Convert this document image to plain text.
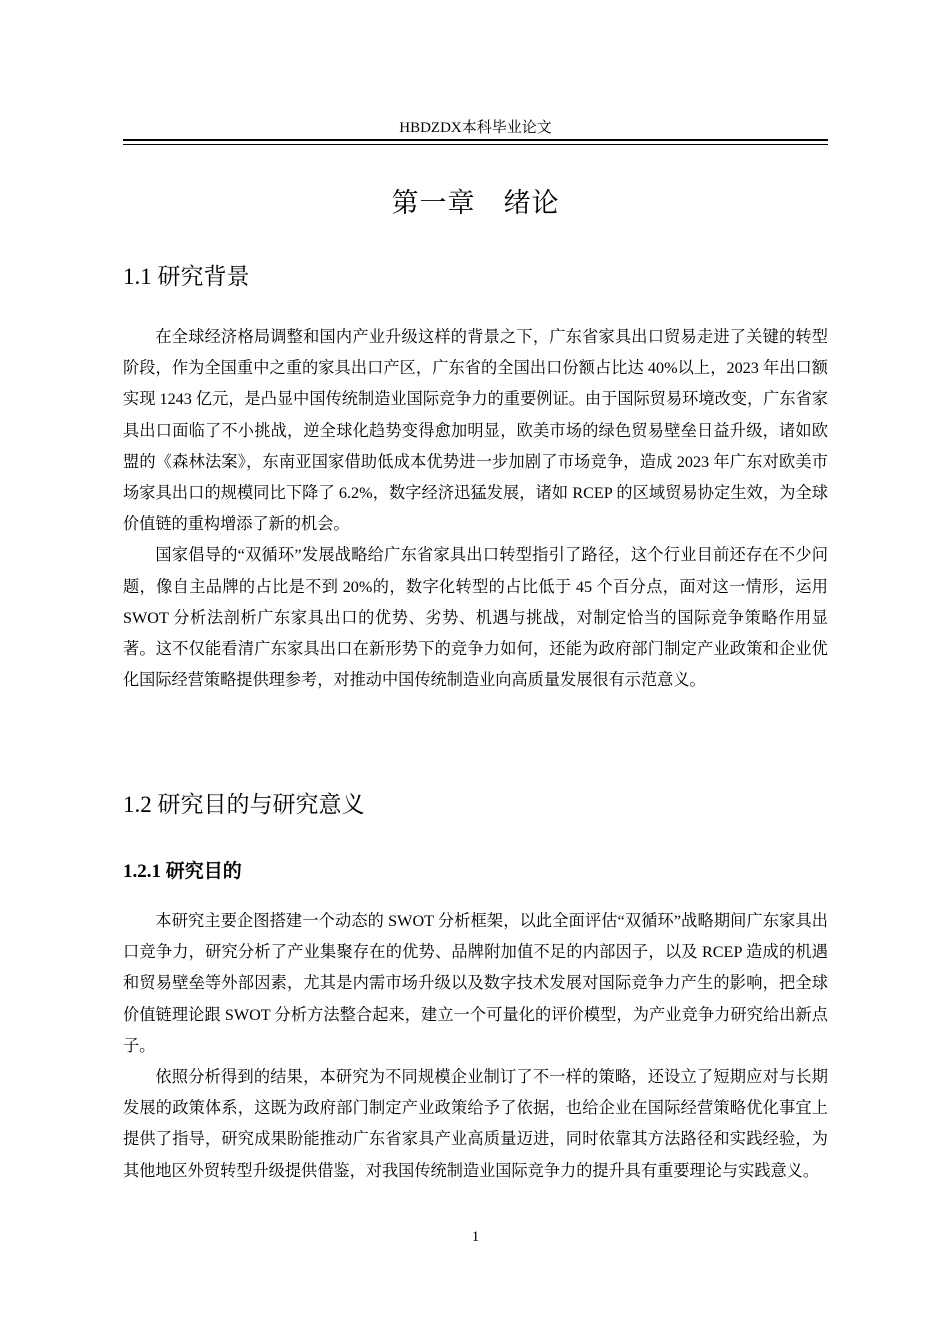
HBDZDX本科毕业论文
第一章　绪论
1.1 研究背景

在全球经济格局调整和国内产业升级这样的背景之下，广东省家具出口贸易走进了关键的转型阶段，作为全国重中之重的家具出口产区，广东省的全国出口份额占比达 40%以上，2023 年出口额实现 1243 亿元，是凸显中国传统制造业国际竞争力的重要例证。由于国际贸易环境改变，广东省家具出口面临了不小挑战，逆全球化趋势变得愈加明显，欧美市场的绿色贸易壁垒日益升级，诸如欧盟的《森林法案》，东南亚国家借助低成本优势进一步加剧了市场竞争，造成 2023 年广东对欧美市场家具出口的规模同比下降了 6.2%，数字经济迅猛发展，诸如 RCEP 的区域贸易协定生效，为全球价值链的重构增添了新的机会。

国家倡导的“双循环”发展战略给广东省家具出口转型指引了路径，这个行业目前还存在不少问题，像自主品牌的占比是不到 20%的，数字化转型的占比低于 45 个百分点，面对这一情形，运用 SWOT 分析法剖析广东家具出口的优势、劣势、机遇与挑战，对制定恰当的国际竞争策略作用显著。这不仅能看清广东家具出口在新形势下的竞争力如何，还能为政府部门制定产业政策和企业优化国际经营策略提供理参考，对推动中国传统制造业向高质量发展很有示范意义。

1.2 研究目的与研究意义
1.2.1 研究目的

本研究主要企图搭建一个动态的 SWOT 分析框架，以此全面评估“双循环”战略期间广东家具出口竞争力，研究分析了产业集聚存在的优势、品牌附加值不足的内部因子，以及 RCEP 造成的机遇和贸易壁垒等外部因素，尤其是内需市场升级以及数字技术发展对国际竞争力产生的影响，把全球价值链理论跟 SWOT 分析方法整合起来，建立一个可量化的评价模型，为产业竞争力研究给出新点子。

依照分析得到的结果，本研究为不同规模企业制订了不一样的策略，还设立了短期应对与长期发展的政策体系，这既为政府部门制定产业政策给予了依据，也给企业在国际经营策略优化事宜上提供了指导，研究成果盼能推动广东省家具产业高质量迈进，同时依靠其方法路径和实践经验，为其他地区外贸转型升级提供借鉴，对我国传统制造业国际竞争力的提升具有重要理论与实践意义。

1
